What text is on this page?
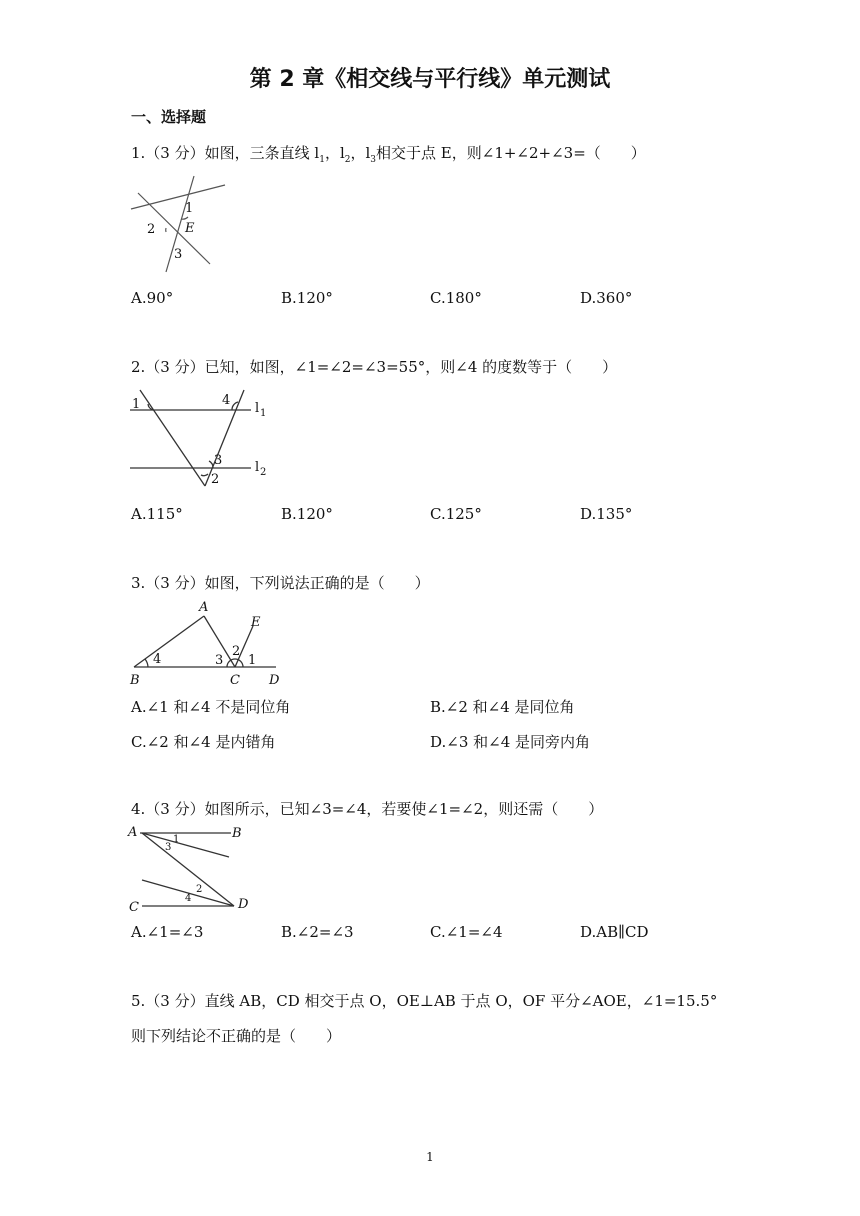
第 2 章《相交线与平行线》单元测试
一、选择题
1.（3 分）如图，三条直线 $l_1$，$l_2$，$l_3$相交于点 E，则∠1+∠2+∠3=（　　）
1
2
3
E
A.90°	B.120°	C.180°	D.360°
2.（3 分）已知，如图，∠1=∠2=∠3=55°，则∠4 的度数等于（　　）
1	4
3
2
l 1
l 2
A.115°	B.120°	C.125°	D.135°
3.（3 分）如图，下列说法正确的是（　　）
A
B	C D
E
4	3
2
1
A.∠1 和∠4 不是同位角	B.∠2 和∠4 是同位角
C.∠2 和∠4 是内错角	D.∠3 和∠4 是同旁内角
4.（3 分）如图所示，已知∠3=∠4，若要使∠1=∠2，则还需（　　）
A	B
C	D
1
3
2
4
A.∠1=∠3	B.∠2=∠3	C.∠1=∠4	D.AB∥CD
5.（3 分）直线 AB，CD 相交于点 O，OE⊥AB 于点 O，OF 平分∠AOE，∠1=15.5°
则下列结论不正确的是（　　）
1
